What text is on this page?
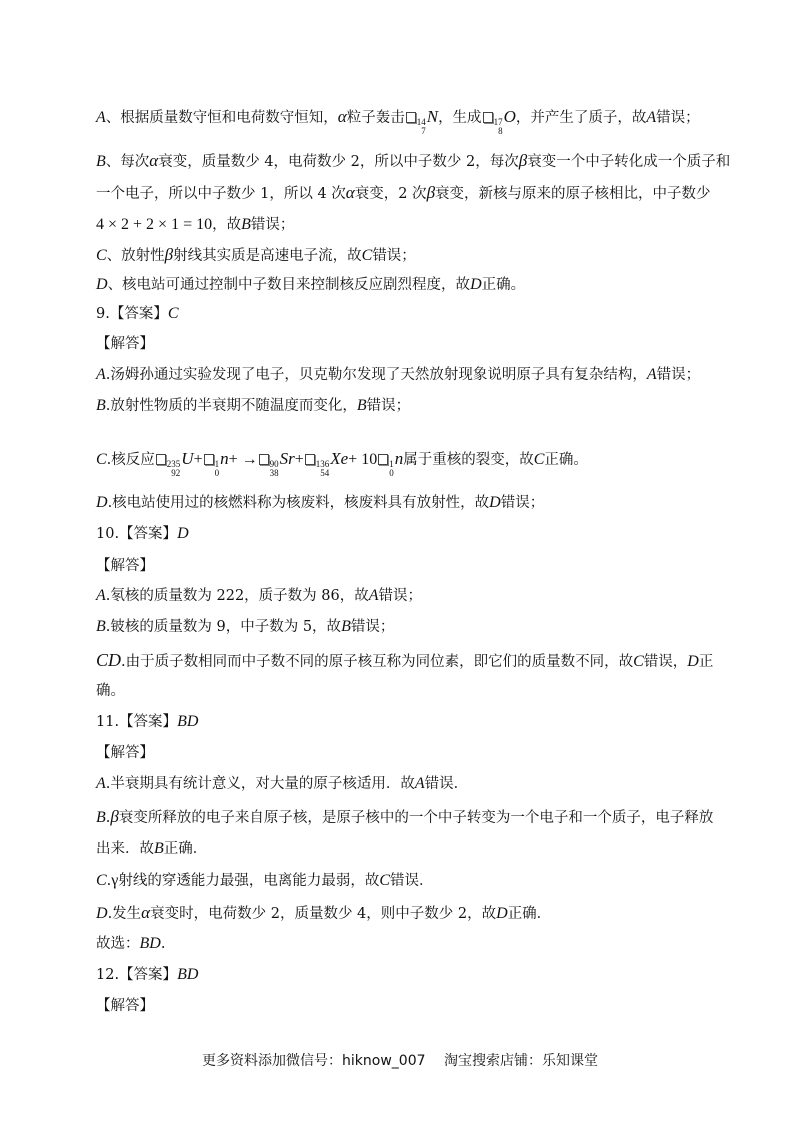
A、根据质量数守恒和电荷数守恒知，α粒子轰击 14
7
N，生成 17
8
O，并产生了质子，故A错误；
B、每次α衰变，质量数少 4，电荷数少 2，所以中子数少 2，每次β衰变一个中子转化成一个质子和
一个电子，所以中子数少 1，所以 4 次α衰变，2 次β衰变，新核与原来的原子核相比，中子数少
4 × 2 + 2 × 1 = 10，故B错误；
C、放射性β射线其实质是高速电子流，故C错误；
D、核电站可通过控制中子数目来控制核反应剧烈程度，故D正确。
9.【答案】C
【解答】
A.汤姆孙通过实验发现了电子，贝克勒尔发现了天然放射现象说明原子具有复杂结构，A错误；
B.放射性物质的半衰期不随温度而变化，B错误；
C.核反应 235
92
U+ 1
0
n+ → 90
38
Sr+ 136
54
Xe+ 10 1
0
n属于重核的裂变，故C正确。
D.核电站使用过的核燃料称为核废料，核废料具有放射性，故D错误；
10.【答案】D
【解答】
A.氡核的质量数为 222，质子数为 86，故A错误；
B.铍核的质量数为 9，中子数为 5，故B错误；
CD.由于质子数相同而中子数不同的原子核互称为同位素，即它们的质量数不同，故C错误，D正
确。
11.【答案】BD
【解答】
A.半衰期具有统计意义，对大量的原子核适用．故A错误．
B.β衰变所释放的电子来自原子核，是原子核中的一个中子转变为一个电子和一个质子，电子释放
出来．故B正确．
C.γ射线的穿透能力最强，电离能力最弱，故C错误．
D.发生α衰变时，电荷数少 2，质量数少 4，则中子数少 2，故D正确．
故选：BD.
12.【答案】BD
【解答】
更多资料添加微信号：hiknow_007　 淘宝搜索店铺：乐知课堂
